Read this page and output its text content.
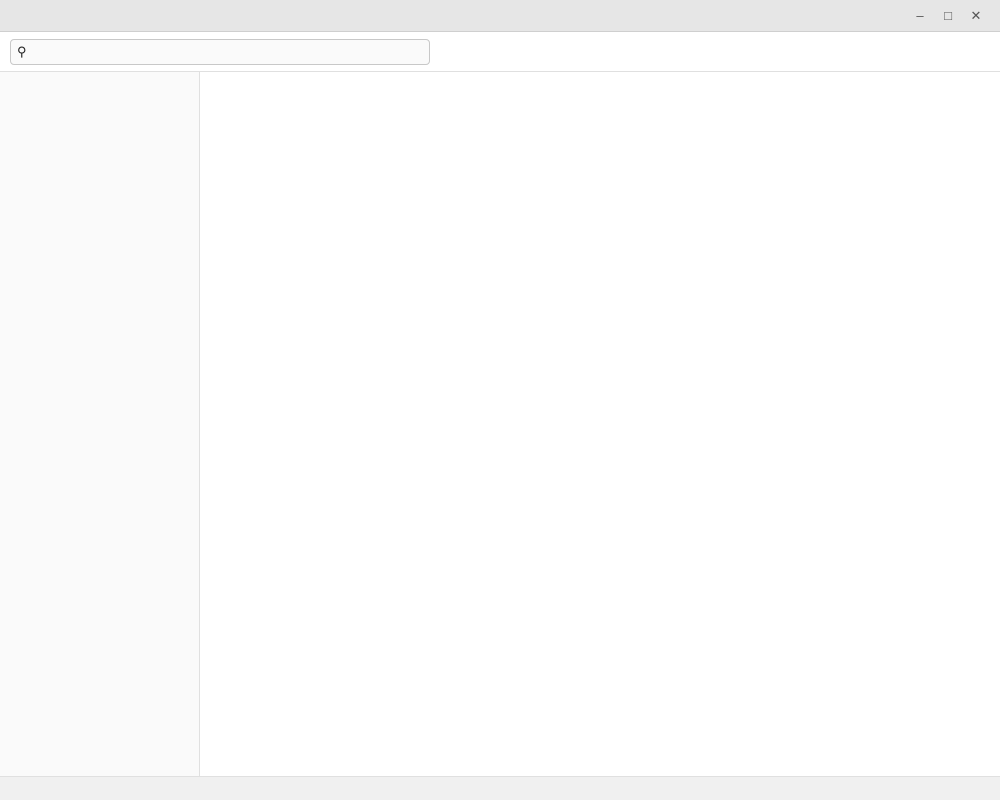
–	□	✕
⚲
